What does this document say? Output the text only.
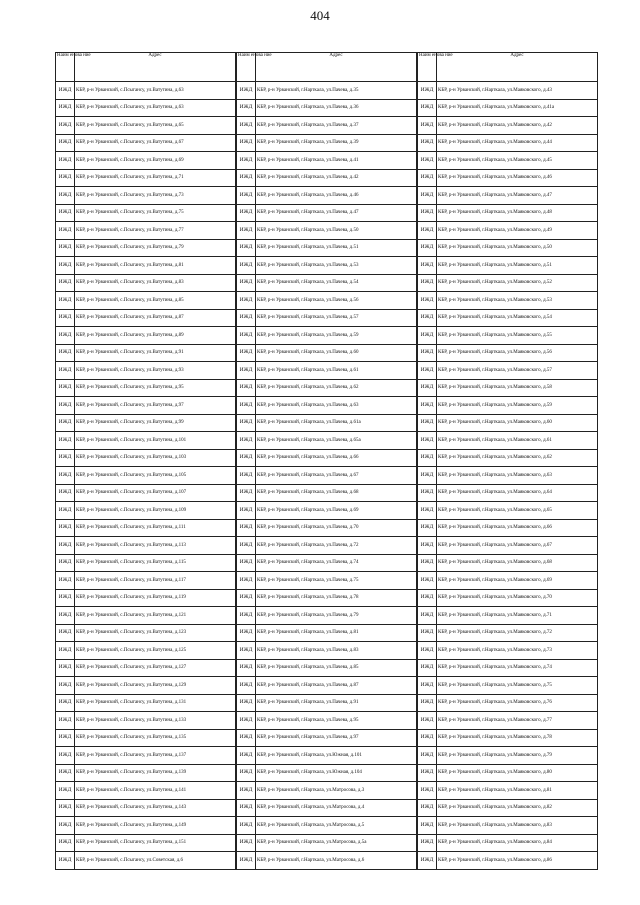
404
Наим енова ние	Адрес
ИЖД	КБР, р-н Урванский, с.Псыгансу, ул.Ватутина, д.63
ИЖД	КБР, р-н Урванский, с.Псыгансу, ул.Ватутина, д.63
ИЖД	КБР, р-н Урванский, с.Псыгансу, ул.Ватутина, д.65
ИЖД	КБР, р-н Урванский, с.Псыгансу, ул.Ватутина, д.67
ИЖД	КБР, р-н Урванский, с.Псыгансу, ул.Ватутина, д.69
ИЖД	КБР, р-н Урванский, с.Псыгансу, ул.Ватутина, д.71
ИЖД	КБР, р-н Урванский, с.Псыгансу, ул.Ватутина, д.73
ИЖД	КБР, р-н Урванский, с.Псыгансу, ул.Ватутина, д.75
ИЖД	КБР, р-н Урванский, с.Псыгансу, ул.Ватутина, д.77
ИЖД	КБР, р-н Урванский, с.Псыгансу, ул.Ватутина, д.79
ИЖД	КБР, р-н Урванский, с.Псыгансу, ул.Ватутина, д.81
ИЖД	КБР, р-н Урванский, с.Псыгансу, ул.Ватутина, д.83
ИЖД	КБР, р-н Урванский, с.Псыгансу, ул.Ватутина, д.85
ИЖД	КБР, р-н Урванский, с.Псыгансу, ул.Ватутина, д.87
ИЖД	КБР, р-н Урванский, с.Псыгансу, ул.Ватутина, д.89
ИЖД	КБР, р-н Урванский, с.Псыгансу, ул.Ватутина, д.91
ИЖД	КБР, р-н Урванский, с.Псыгансу, ул.Ватутина, д.93
ИЖД	КБР, р-н Урванский, с.Псыгансу, ул.Ватутина, д.95
ИЖД	КБР, р-н Урванский, с.Псыгансу, ул.Ватутина, д.97
ИЖД	КБР, р-н Урванский, с.Псыгансу, ул.Ватутина, д.99
ИЖД	КБР, р-н Урванский, с.Псыгансу, ул.Ватутина, д.101
ИЖД	КБР, р-н Урванский, с.Псыгансу, ул.Ватутина, д.103
ИЖД	КБР, р-н Урванский, с.Псыгансу, ул.Ватутина, д.105
ИЖД	КБР, р-н Урванский, с.Псыгансу, ул.Ватутина, д.107
ИЖД	КБР, р-н Урванский, с.Псыгансу, ул.Ватутина, д.109
ИЖД	КБР, р-н Урванский, с.Псыгансу, ул.Ватутина, д.111
ИЖД	КБР, р-н Урванский, с.Псыгансу, ул.Ватутина, д.113
ИЖД	КБР, р-н Урванский, с.Псыгансу, ул.Ватутина, д.115
ИЖД	КБР, р-н Урванский, с.Псыгансу, ул.Ватутина, д.117
ИЖД	КБР, р-н Урванский, с.Псыгансу, ул.Ватутина, д.119
ИЖД	КБР, р-н Урванский, с.Псыгансу, ул.Ватутина, д.121
ИЖД	КБР, р-н Урванский, с.Псыгансу, ул.Ватутина, д.123
ИЖД	КБР, р-н Урванский, с.Псыгансу, ул.Ватутина, д.125
ИЖД	КБР, р-н Урванский, с.Псыгансу, ул.Ватутина, д.127
ИЖД	КБР, р-н Урванский, с.Псыгансу, ул.Ватутина, д.129
ИЖД	КБР, р-н Урванский, с.Псыгансу, ул.Ватутина, д.131
ИЖД	КБР, р-н Урванский, с.Псыгансу, ул.Ватутина, д.133
ИЖД	КБР, р-н Урванский, с.Псыгансу, ул.Ватутина, д.135
ИЖД	КБР, р-н Урванский, с.Псыгансу, ул.Ватутина, д.137
ИЖД	КБР, р-н Урванский, с.Псыгансу, ул.Ватутина, д.139
ИЖД	КБР, р-н Урванский, с.Псыгансу, ул.Ватутина, д.141
ИЖД	КБР, р-н Урванский, с.Псыгансу, ул.Ватутина, д.143
ИЖД	КБР, р-н Урванский, с.Псыгансу, ул.Ватутина, д.149
ИЖД	КБР, р-н Урванский, с.Псыгансу, ул.Ватутина, д.151
ИЖД	КБР, р-н Урванский, с.Псыгансу, ул.Советская, д.6
Наим енова ние	Адрес
ИЖД	КБР, р-н Урванский, г.Нарткала, ул.Пачева, д.35
ИЖД	КБР, р-н Урванский, г.Нарткала, ул.Пачева, д.36
ИЖД	КБР, р-н Урванский, г.Нарткала, ул.Пачева, д.37
ИЖД	КБР, р-н Урванский, г.Нарткала, ул.Пачева, д.39
ИЖД	КБР, р-н Урванский, г.Нарткала, ул.Пачева, д.41
ИЖД	КБР, р-н Урванский, г.Нарткала, ул.Пачева, д.42
ИЖД	КБР, р-н Урванский, г.Нарткала, ул.Пачева, д.46
ИЖД	КБР, р-н Урванский, г.Нарткала, ул.Пачева, д.47
ИЖД	КБР, р-н Урванский, г.Нарткала, ул.Пачева, д.50
ИЖД	КБР, р-н Урванский, г.Нарткала, ул.Пачева, д.51
ИЖД	КБР, р-н Урванский, г.Нарткала, ул.Пачева, д.53
ИЖД	КБР, р-н Урванский, г.Нарткала, ул.Пачева, д.54
ИЖД	КБР, р-н Урванский, г.Нарткала, ул.Пачева, д.56
ИЖД	КБР, р-н Урванский, г.Нарткала, ул.Пачева, д.57
ИЖД	КБР, р-н Урванский, г.Нарткала, ул.Пачева, д.59
ИЖД	КБР, р-н Урванский, г.Нарткала, ул.Пачева, д.60
ИЖД	КБР, р-н Урванский, г.Нарткала, ул.Пачева, д.61
ИЖД	КБР, р-н Урванский, г.Нарткала, ул.Пачева, д.62
ИЖД	КБР, р-н Урванский, г.Нарткала, ул.Пачева, д.63
ИЖД	КБР, р-н Урванский, г.Нарткала, ул.Пачева, д.61а
ИЖД	КБР, р-н Урванский, г.Нарткала, ул.Пачева, д.65а
ИЖД	КБР, р-н Урванский, г.Нарткала, ул.Пачева, д.66
ИЖД	КБР, р-н Урванский, г.Нарткала, ул.Пачева, д.67
ИЖД	КБР, р-н Урванский, г.Нарткала, ул.Пачева, д.68
ИЖД	КБР, р-н Урванский, г.Нарткала, ул.Пачева, д.69
ИЖД	КБР, р-н Урванский, г.Нарткала, ул.Пачева, д.70
ИЖД	КБР, р-н Урванский, г.Нарткала, ул.Пачева, д.72
ИЖД	КБР, р-н Урванский, г.Нарткала, ул.Пачева, д.74
ИЖД	КБР, р-н Урванский, г.Нарткала, ул.Пачева, д.75
ИЖД	КБР, р-н Урванский, г.Нарткала, ул.Пачева, д.78
ИЖД	КБР, р-н Урванский, г.Нарткала, ул.Пачева, д.79
ИЖД	КБР, р-н Урванский, г.Нарткала, ул.Пачева, д.81
ИЖД	КБР, р-н Урванский, г.Нарткала, ул.Пачева, д.83
ИЖД	КБР, р-н Урванский, г.Нарткала, ул.Пачева, д.85
ИЖД	КБР, р-н Урванский, г.Нарткала, ул.Пачева, д.87
ИЖД	КБР, р-н Урванский, г.Нарткала, ул.Пачева, д.91
ИЖД	КБР, р-н Урванский, г.Нарткала, ул.Пачева, д.95
ИЖД	КБР, р-н Урванский, г.Нарткала, ул.Пачева, д.97
ИЖД	КБР, р-н Урванский, г.Нарткала, ул.Южная, д.101
ИЖД	КБР, р-н Урванский, г.Нарткала, ул.Южная, д.104
ИЖД	КБР, р-н Урванский, г.Нарткала, ул.Матросова, д.3
ИЖД	КБР, р-н Урванский, г.Нарткала, ул.Матросова, д.4
ИЖД	КБР, р-н Урванский, г.Нарткала, ул.Матросова, д.5
ИЖД	КБР, р-н Урванский, г.Нарткала, ул.Матросова, д.5а
ИЖД	КБР, р-н Урванский, г.Нарткала, ул.Матросова, д.6
Наим енова ние	Адрес
ИЖД	КБР, р-н Урванский, г.Нарткала, ул.Маяковского, д.43
ИЖД	КБР, р-н Урванский, г.Нарткала, ул.Маяковского, д.41а
ИЖД	КБР, р-н Урванский, г.Нарткала, ул.Маяковского, д.42
ИЖД	КБР, р-н Урванский, г.Нарткала, ул.Маяковского, д.44
ИЖД	КБР, р-н Урванский, г.Нарткала, ул.Маяковского, д.45
ИЖД	КБР, р-н Урванский, г.Нарткала, ул.Маяковского, д.46
ИЖД	КБР, р-н Урванский, г.Нарткала, ул.Маяковского, д.47
ИЖД	КБР, р-н Урванский, г.Нарткала, ул.Маяковского, д.48
ИЖД	КБР, р-н Урванский, г.Нарткала, ул.Маяковского, д.49
ИЖД	КБР, р-н Урванский, г.Нарткала, ул.Маяковского, д.50
ИЖД	КБР, р-н Урванский, г.Нарткала, ул.Маяковского, д.51
ИЖД	КБР, р-н Урванский, г.Нарткала, ул.Маяковского, д.52
ИЖД	КБР, р-н Урванский, г.Нарткала, ул.Маяковского, д.53
ИЖД	КБР, р-н Урванский, г.Нарткала, ул.Маяковского, д.54
ИЖД	КБР, р-н Урванский, г.Нарткала, ул.Маяковского, д.55
ИЖД	КБР, р-н Урванский, г.Нарткала, ул.Маяковского, д.56
ИЖД	КБР, р-н Урванский, г.Нарткала, ул.Маяковского, д.57
ИЖД	КБР, р-н Урванский, г.Нарткала, ул.Маяковского, д.58
ИЖД	КБР, р-н Урванский, г.Нарткала, ул.Маяковского, д.59
ИЖД	КБР, р-н Урванский, г.Нарткала, ул.Маяковского, д.60
ИЖД	КБР, р-н Урванский, г.Нарткала, ул.Маяковского, д.61
ИЖД	КБР, р-н Урванский, г.Нарткала, ул.Маяковского, д.62
ИЖД	КБР, р-н Урванский, г.Нарткала, ул.Маяковского, д.63
ИЖД	КБР, р-н Урванский, г.Нарткала, ул.Маяковского, д.64
ИЖД	КБР, р-н Урванский, г.Нарткала, ул.Маяковского, д.65
ИЖД	КБР, р-н Урванский, г.Нарткала, ул.Маяковского, д.66
ИЖД	КБР, р-н Урванский, г.Нарткала, ул.Маяковского, д.67
ИЖД	КБР, р-н Урванский, г.Нарткала, ул.Маяковского, д.68
ИЖД	КБР, р-н Урванский, г.Нарткала, ул.Маяковского, д.69
ИЖД	КБР, р-н Урванский, г.Нарткала, ул.Маяковского, д.70
ИЖД	КБР, р-н Урванский, г.Нарткала, ул.Маяковского, д.71
ИЖД	КБР, р-н Урванский, г.Нарткала, ул.Маяковского, д.72
ИЖД	КБР, р-н Урванский, г.Нарткала, ул.Маяковского, д.73
ИЖД	КБР, р-н Урванский, г.Нарткала, ул.Маяковского, д.74
ИЖД	КБР, р-н Урванский, г.Нарткала, ул.Маяковского, д.75
ИЖД	КБР, р-н Урванский, г.Нарткала, ул.Маяковского, д.76
ИЖД	КБР, р-н Урванский, г.Нарткала, ул.Маяковского, д.77
ИЖД	КБР, р-н Урванский, г.Нарткала, ул.Маяковского, д.78
ИЖД	КБР, р-н Урванский, г.Нарткала, ул.Маяковского, д.79
ИЖД	КБР, р-н Урванский, г.Нарткала, ул.Маяковского, д.80
ИЖД	КБР, р-н Урванский, г.Нарткала, ул.Маяковского, д.81
ИЖД	КБР, р-н Урванский, г.Нарткала, ул.Маяковского, д.82
ИЖД	КБР, р-н Урванский, г.Нарткала, ул.Маяковского, д.83
ИЖД	КБР, р-н Урванский, г.Нарткала, ул.Маяковского, д.84
ИЖД	КБР, р-н Урванский, г.Нарткала, ул.Маяковского, д.86
